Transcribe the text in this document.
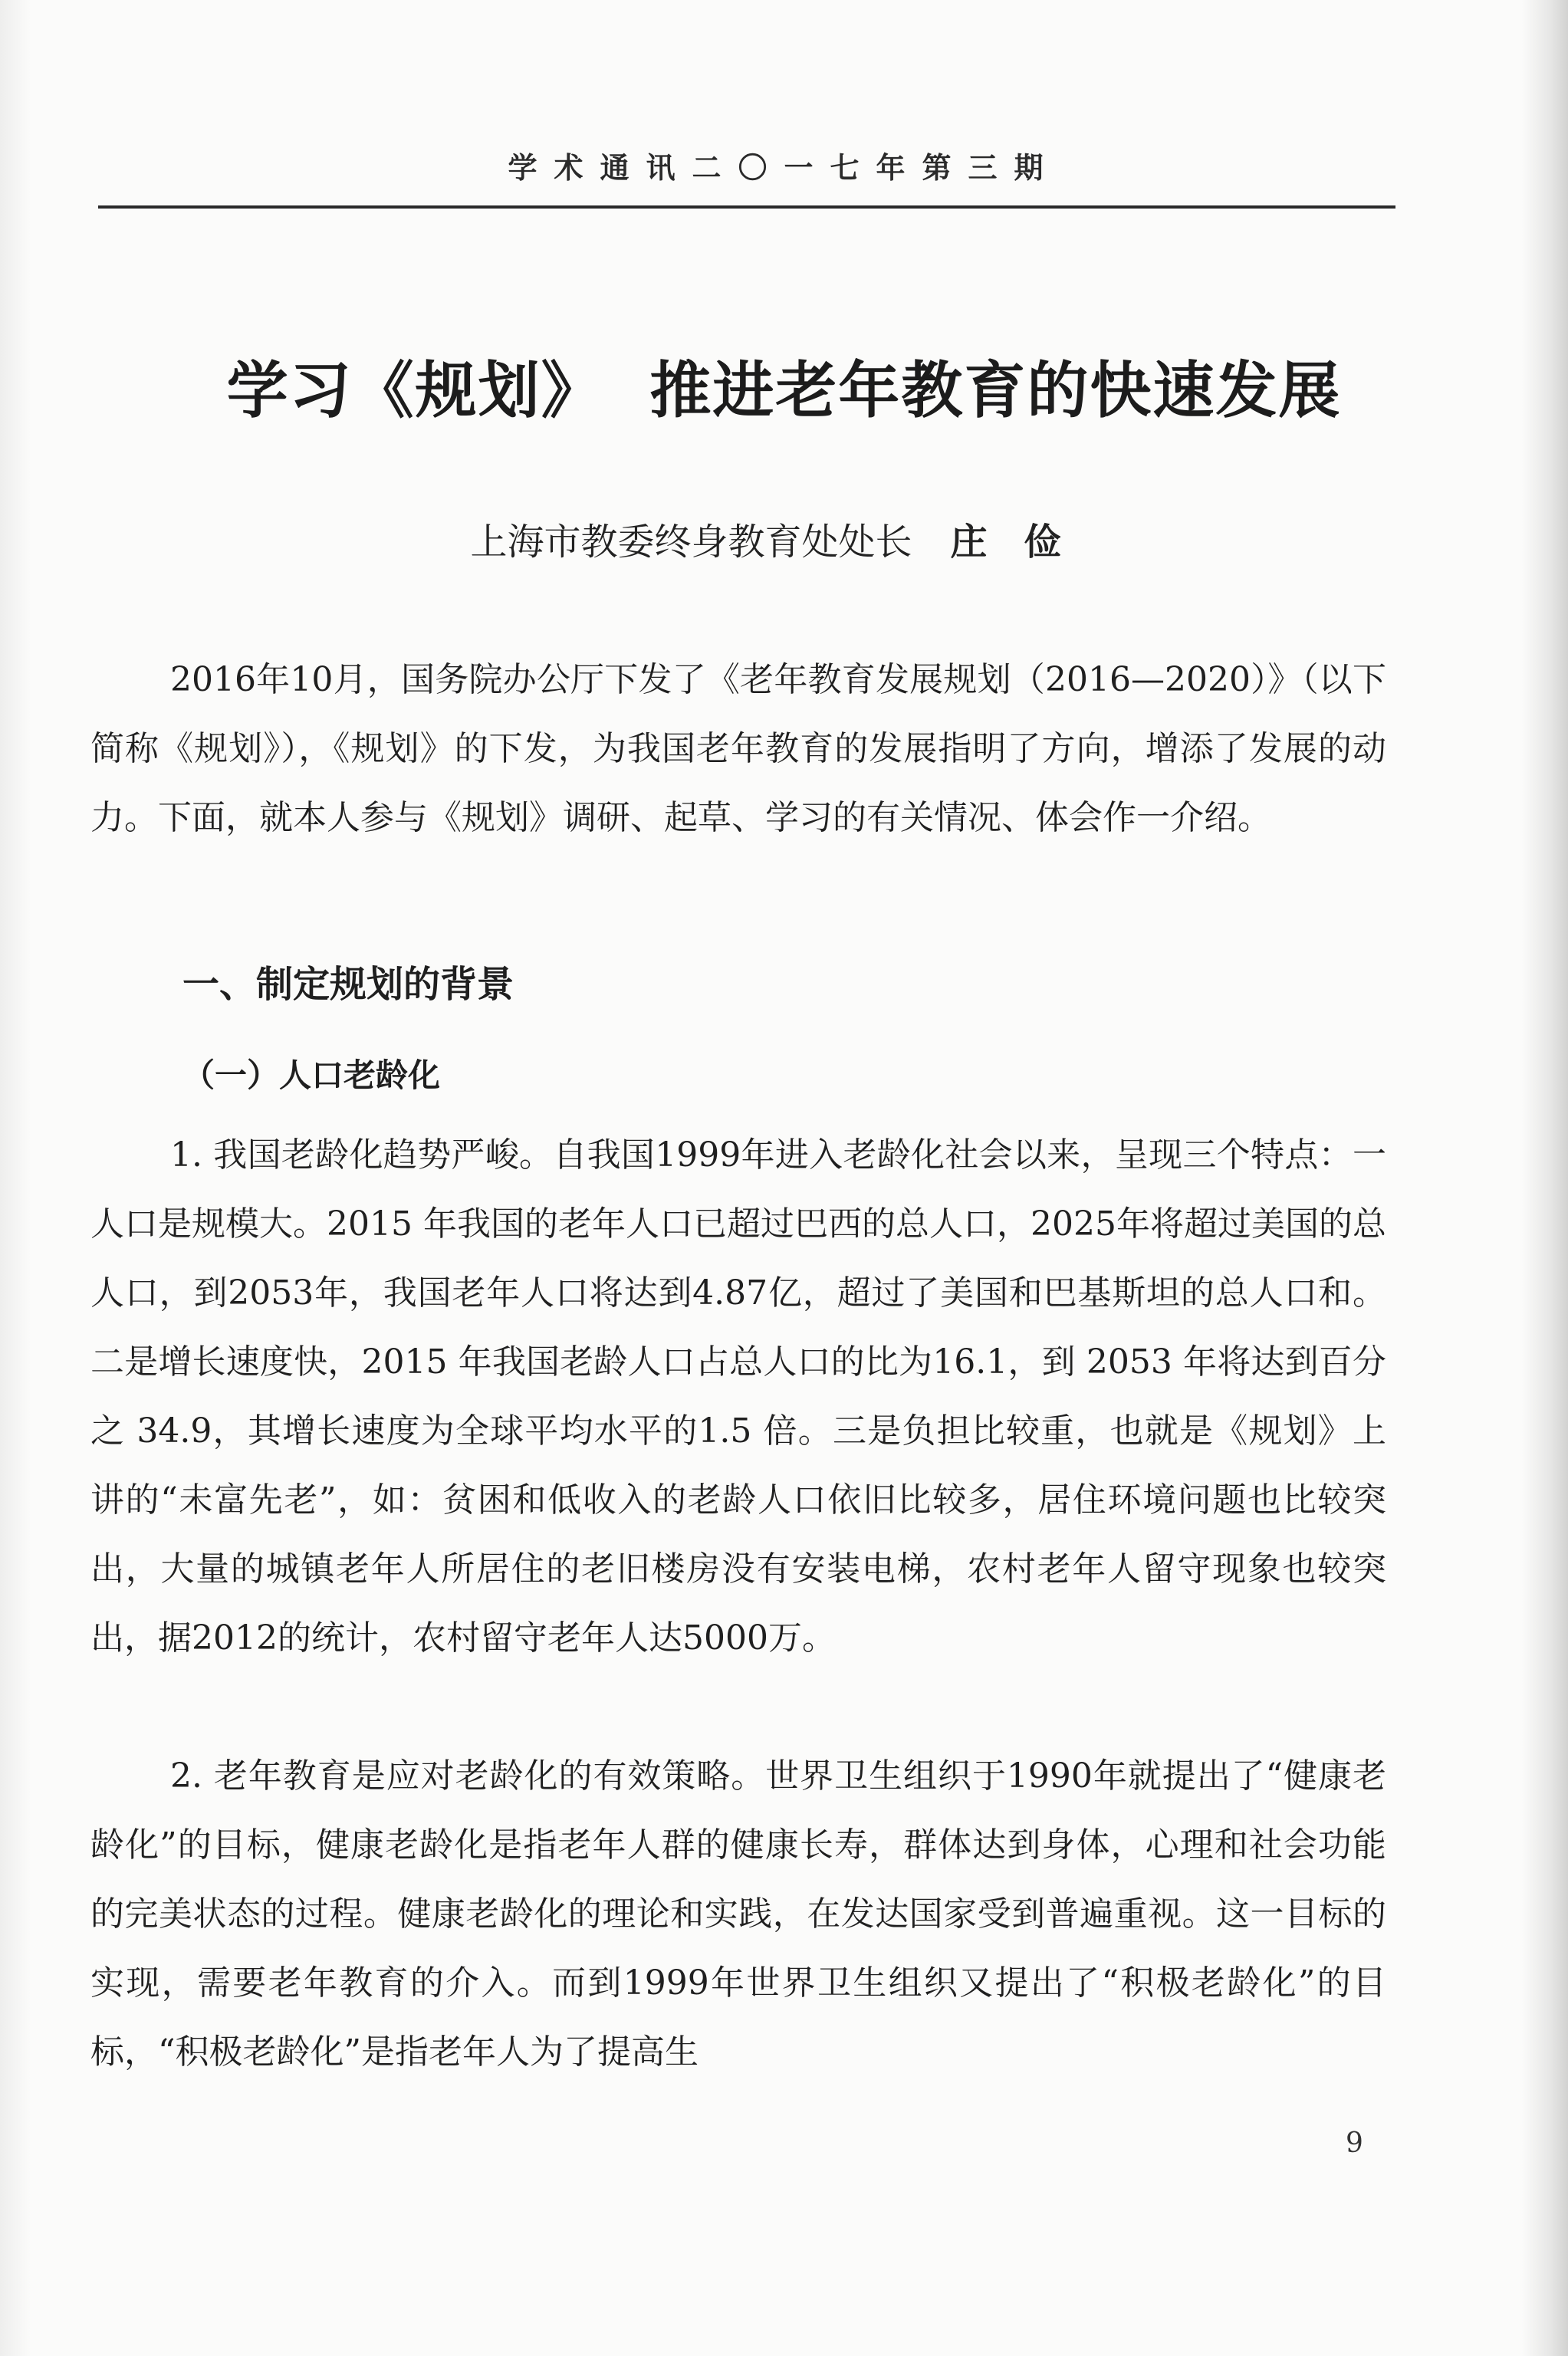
学术通讯二〇一七年第三期
学习《规划》  推进老年教育的快速发展
上海市教委终身教育处处长 庄俭

2016年10月，国务院办公厅下发了《老年教育发展规划（2016—2020）》（以下简称《规划》），《规划》的下发，为我国老年教育的发展指明了方向，增添了发展的动力。下面，就本人参与《规划》调研、起草、学习的有关情况、体会作一介绍。

一、制定规划的背景
（一）人口老龄化

1. 我国老龄化趋势严峻。自我国1999年进入老龄化社会以来，呈现三个特点：一人口是规模大。2015 年我国的老年人口已超过巴西的总人口，2025年将超过美国的总人口，到2053年，我国老年人口将达到4.87亿，超过了美国和巴基斯坦的总人口和。二是增长速度快，2015 年我国老龄人口占总人口的比为16.1，到 2053 年将达到百分之 34.9，其增长速度为全球平均水平的1.5 倍。三是负担比较重，也就是《规划》上讲的“未富先老”，如：贫困和低收入的老龄人口依旧比较多，居住环境问题也比较突出，大量的城镇老年人所居住的老旧楼房没有安装电梯，农村老年人留守现象也较突出，据2012的统计，农村留守老年人达5000万。

2. 老年教育是应对老龄化的有效策略。世界卫生组织于1990年就提出了“健康老龄化”的目标，健康老龄化是指老年人群的健康长寿，群体达到身体，心理和社会功能的完美状态的过程。健康老龄化的理论和实践，在发达国家受到普遍重视。这一目标的实现，需要老年教育的介入。而到1999年世界卫生组织又提出了“积极老龄化”的目标，“积极老龄化”是指老年人为了提高生

9
